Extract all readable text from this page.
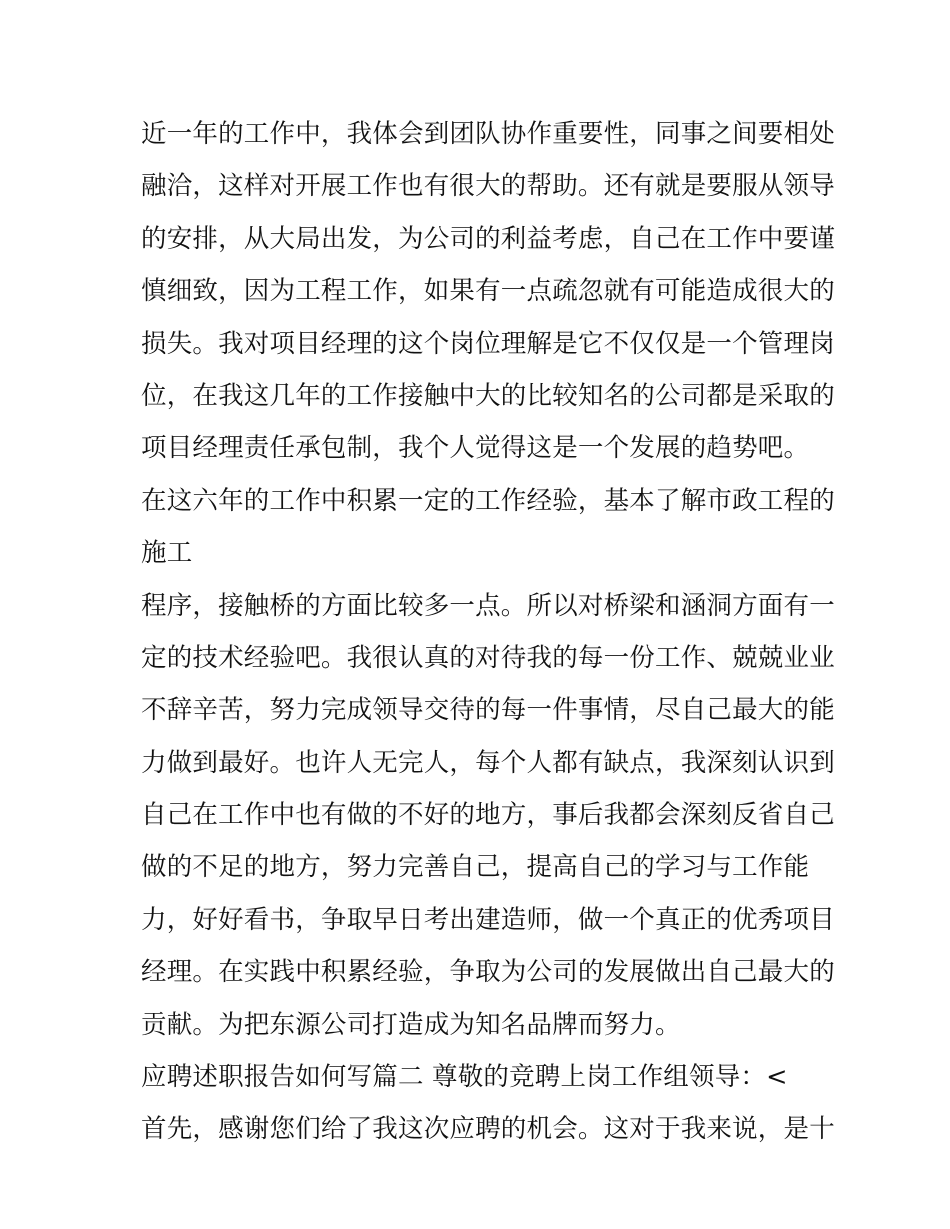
近一年的工作中，我体会到团队协作重要性，同事之间要相处
融洽，这样对开展工作也有很大的帮助。还有就是要服从领导
的安排，从大局出发，为公司的利益考虑，自己在工作中要谨
慎细致，因为工程工作，如果有一点疏忽就有可能造成很大的
损失。我对项目经理的这个岗位理解是它不仅仅是一个管理岗
位，在我这几年的工作接触中大的比较知名的公司都是采取的
项目经理责任承包制，我个人觉得这是一个发展的趋势吧。
在这六年的工作中积累一定的工作经验，基本了解市政工程的
施工
程序，接触桥的方面比较多一点。所以对桥梁和涵洞方面有一
定的技术经验吧。我很认真的对待我的每一份工作、兢兢业业
不辞辛苦，努力完成领导交待的每一件事情，尽自己最大的能
力做到最好。也许人无完人，每个人都有缺点，我深刻认识到
自己在工作中也有做的不好的地方，事后我都会深刻反省自己
做的不足的地方，努力完善自己，提高自己的学习与工作能
力，好好看书，争取早日考出建造师，做一个真正的优秀项目
经理。在实践中积累经验，争取为公司的发展做出自己最大的
贡献。为把东源公司打造成为知名品牌而努力。
应聘述职报告如何写篇二 尊敬的竞聘上岗工作组领导：<
首先，感谢您们给了我这次应聘的机会。这对于我来说，是十
